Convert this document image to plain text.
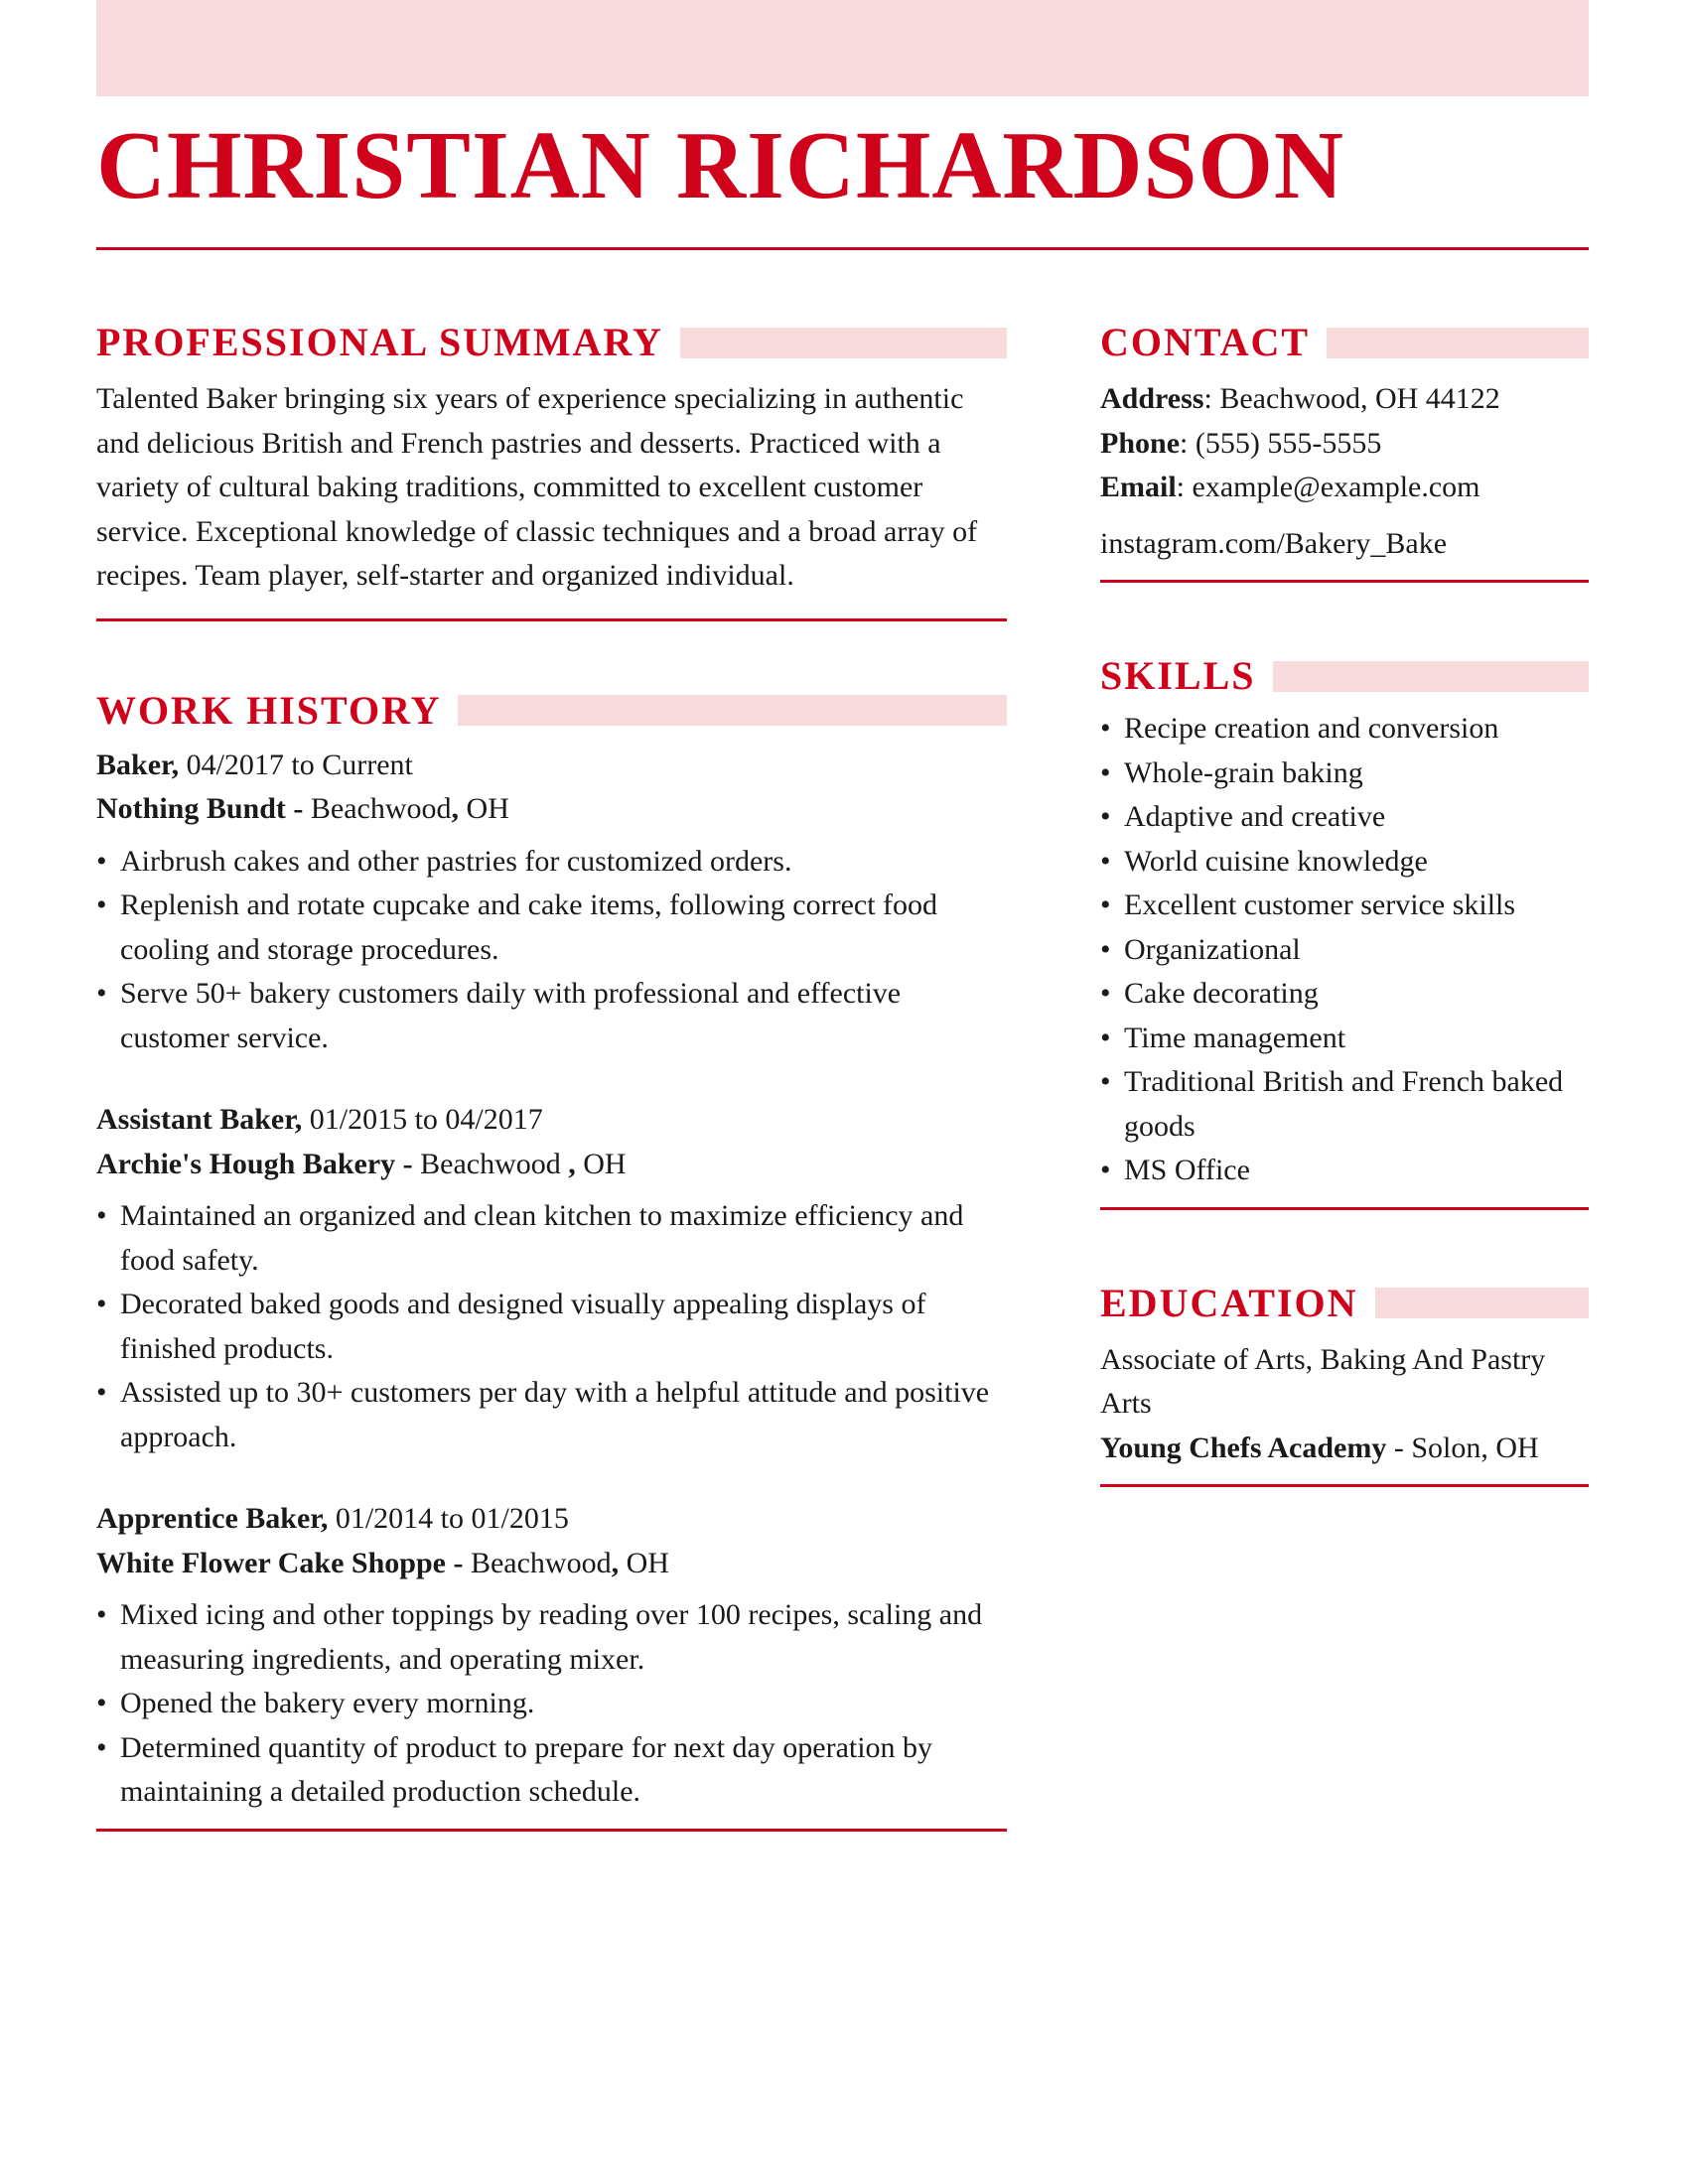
CHRISTIAN RICHARDSON
PROFESSIONAL SUMMARY

Talented Baker bringing six years of experience specializing in authentic and delicious British and French pastries and desserts. Practiced with a variety of cultural baking traditions, committed to excellent customer service. Exceptional knowledge of classic techniques and a broad array of recipes. Team player, self-starter and organized individual.

WORK HISTORY
Baker, 04/2017 to Current
Nothing Bundt - Beachwood, OH
• Airbrush cakes and other pastries for customized orders.
• Replenish and rotate cupcake and cake items, following correct food cooling and storage procedures.
• Serve 50+ bakery customers daily with professional and effective customer service.
Assistant Baker, 01/2015 to 04/2017
Archie's Hough Bakery - Beachwood , OH
• Maintained an organized and clean kitchen to maximize efficiency and food safety.
• Decorated baked goods and designed visually appealing displays of finished products.
• Assisted up to 30+ customers per day with a helpful attitude and positive approach.
Apprentice Baker, 01/2014 to 01/2015
White Flower Cake Shoppe - Beachwood, OH
• Mixed icing and other toppings by reading over 100 recipes, scaling and measuring ingredients, and operating mixer.
• Opened the bakery every morning.
• Determined quantity of product to prepare for next day operation by maintaining a detailed production schedule.
CONTACT
Address: Beachwood, OH 44122
Phone: (555) 555-5555
Email: example@example.com
instagram.com/Bakery_Bake
SKILLS
• Recipe creation and conversion
• Whole-grain baking
• Adaptive and creative
• World cuisine knowledge
• Excellent customer service skills
• Organizational
• Cake decorating
• Time management
• Traditional British and French baked goods
• MS Office
EDUCATION
Associate of Arts, Baking And Pastry Arts
Young Chefs Academy - Solon, OH
